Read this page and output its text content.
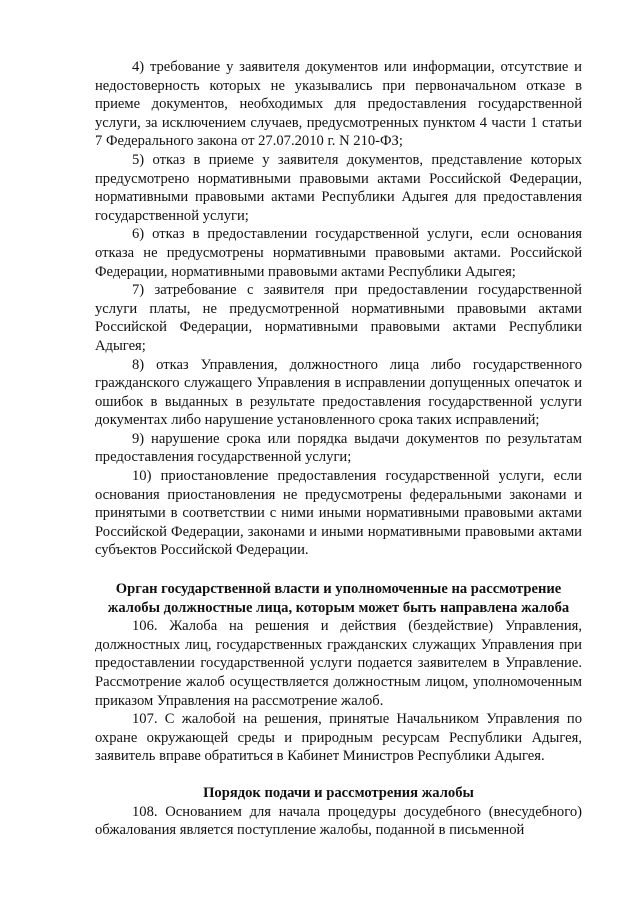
4) требование у заявителя документов или информации, отсутствие и недостоверность которых не указывались при первоначальном отказе в приеме документов, необходимых для предоставления государственной услуги, за исключением случаев, предусмотренных пунктом 4 части 1 статьи 7 Федерального закона от 27.07.2010 г. N 210-ФЗ;

5) отказ в приеме у заявителя документов, представление которых предусмотрено нормативными правовыми актами Российской Федерации, нормативными правовыми актами Республики Адыгея для предоставления государственной услуги;

6) отказ в предоставлении государственной услуги, если основания отказа не предусмотрены нормативными правовыми актами. Российской Федерации, нормативными правовыми актами Республики Адыгея;

7) затребование с заявителя при предоставлении государственной услуги платы, не предусмотренной нормативными правовыми актами Российской Федерации, нормативными правовыми актами Республики Адыгея;

8) отказ Управления, должностного лица либо государственного гражданского служащего Управления в исправлении допущенных опечаток и ошибок в выданных в результате предоставления государственной услуги документах либо нарушение установленного срока таких исправлений;

9) нарушение срока или порядка выдачи документов по результатам предоставления государственной услуги;

10) приостановление предоставления государственной услуги, если основания приостановления не предусмотрены федеральными законами и принятыми в соответствии с ними иными нормативными правовыми актами Российской Федерации, законами и иными нормативными правовыми актами субъектов Российской Федерации.

Орган государственной власти и уполномоченные на рассмотрение жалобы должностные лица, которым может быть направлена жалоба

106. Жалоба на решения и действия (бездействие) Управления, должностных лиц, государственных гражданских служащих Управления при предоставлении государственной услуги подается заявителем в Управление. Рассмотрение жалоб осуществляется должностным лицом, уполномоченным приказом Управления на рассмотрение жалоб.

107. С жалобой на решения, принятые Начальником Управления по охране окружающей среды и природным ресурсам Республики Адыгея, заявитель вправе обратиться в Кабинет Министров Республики Адыгея.

Порядок подачи и рассмотрения жалобы

108. Основанием для начала процедуры досудебного (внесудебного) обжалования является поступление жалобы, поданной в письменной
